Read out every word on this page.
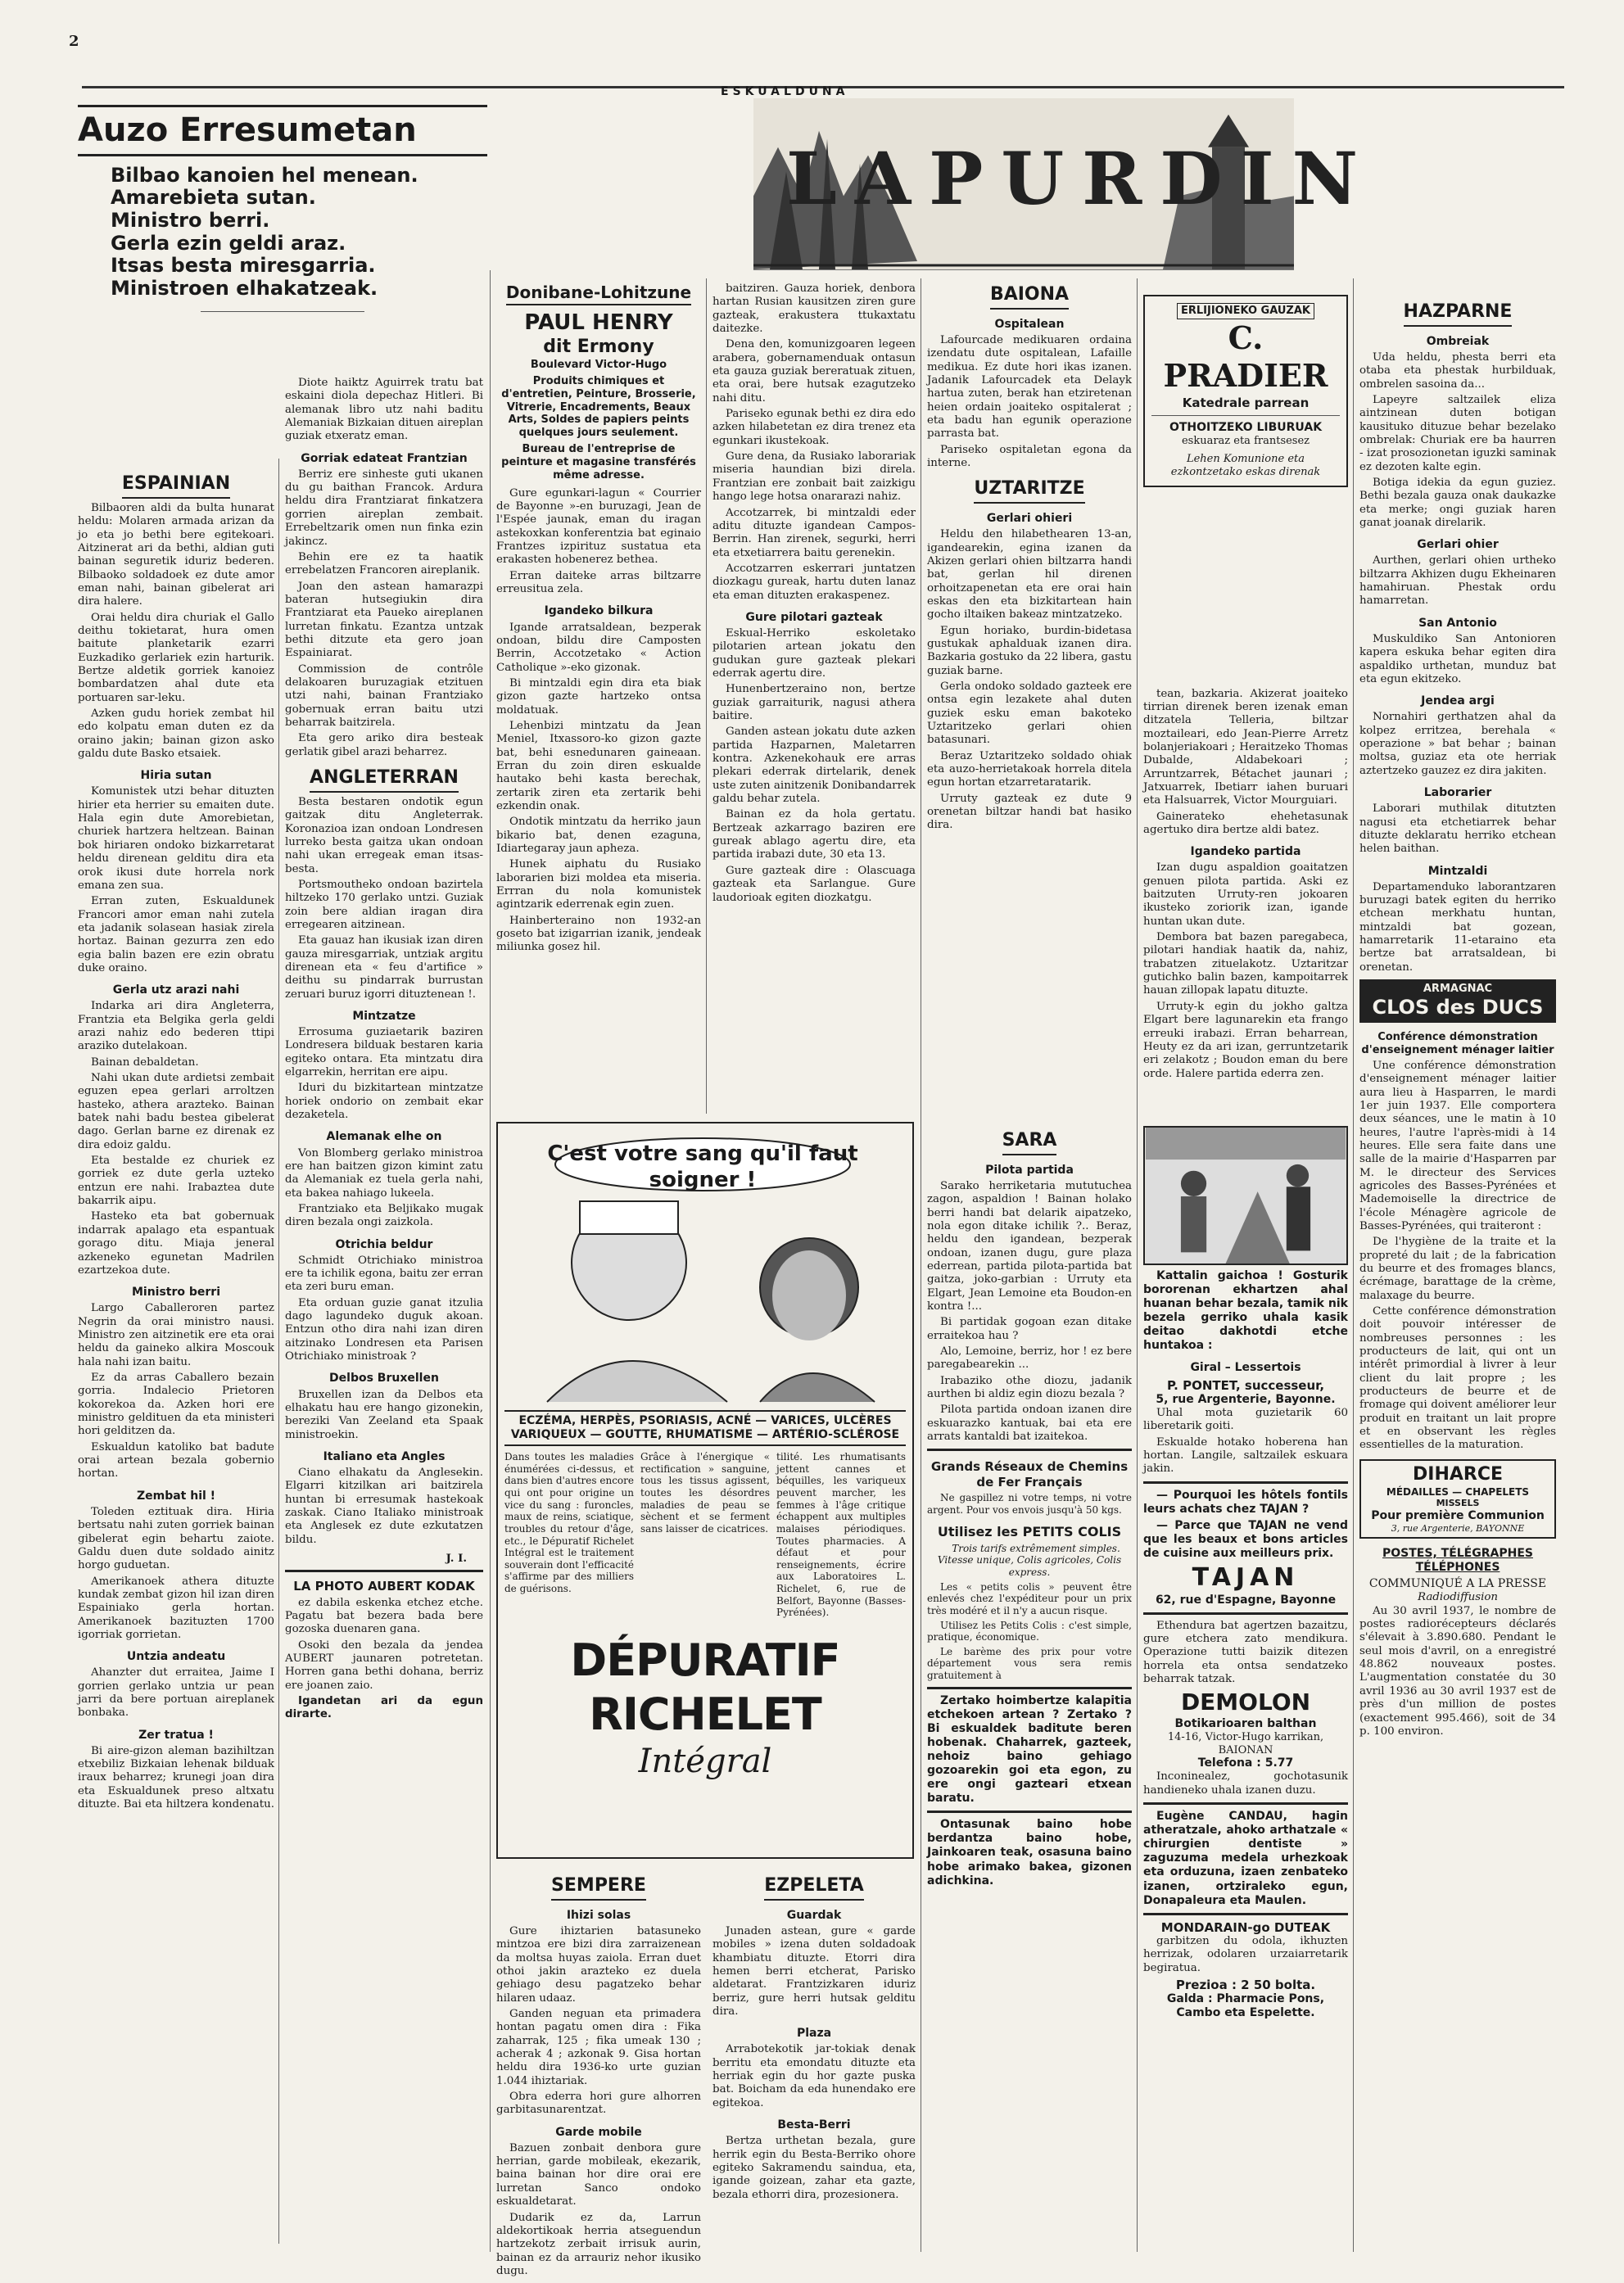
2
ESKUALDUNA
LAPURDIN
Auzo Erresumetan
Bilbao kanoien hel menean.
Amarebieta sutan.
Ministro berri.
Gerla ezin geldi araz.
Itsas besta miresgarria.
Ministroen elhakatzeak.
ESPAINIAN

Bilbaoren aldi da bulta hunarat heldu: Molaren armada arizan da jo eta jo bethi bere egitekoari. Aitzinerat ari da bethi, aldian guti bainan seguretik iduriz bederen. Bilbaoko soldadoek ez dute amor eman nahi, bainan gibelerat ari dira halere.

Orai heldu dira churiak el Gallo deithu tokietarat, hura omen baitute planketarik ezarri Euzkadiko gerlariek ezin harturik. Bertze aldetik gorriek kanoiez bombardatzen ahal dute eta portuaren sar-leku.

Azken gudu horiek zembat hil edo kolpatu eman duten ez da oraino jakin; bainan gizon asko galdu dute Basko etsaiek.

Hiria sutan

Komunistek utzi behar dituzten hirier eta herrier su emaiten dute. Hala egin dute Amorebietan, churiek hartzera heltzean. Bainan bok hiriaren ondoko bizkarretarat heldu direnean gelditu dira eta orok ikusi dute horrela nork emana zen sua.

Erran zuten, Eskualdunek Francori amor eman nahi zutela eta jadanik solasean hasiak zirela hortaz. Bainan gezurra zen edo egia balin bazen ere ezin obratu duke oraino.

Gerla utz arazi nahi

Indarka ari dira Angleterra, Frantzia eta Belgika gerla geldi arazi nahiz edo bederen ttipi araziko dutelakoan.

Bainan debaldetan.

Nahi ukan dute ardietsi zembait eguzen epea gerlari arroltzen hasteko, athera arazteko. Bainan batek nahi badu bestea gibelerat dago. Gerlan barne ez direnak ez dira edoiz galdu.

Eta bestalde ez churiek ez gorriek ez dute gerla uzteko entzun ere nahi. Irabaztea dute bakarrik aipu.

Hasteko eta bat gobernuak indarrak apalago eta espantuak gorago ditu. Miaja jeneral azkeneko egunetan Madrilen ezartzekoa dute.

Ministro berri

Largo Caballeroren partez Negrin da orai ministro nausi. Ministro zen aitzinetik ere eta orai heldu da gaineko alkira Moscouk hala nahi izan baitu.

Ez da arras Caballero bezain gorria. Indalecio Prietoren kokorekoa da. Azken hori ere ministro geldituen da eta ministeri hori gelditzen da.

Eskualdun katoliko bat badute orai artean bezala gobernio hortan.

Zembat hil !

Toleden eztituak dira. Hiria bertsatu nahi zuten gorriek bainan gibelerat egin behartu zaiote. Galdu duen dute soldado ainitz horgo guduetan.

Amerikanoek athera dituzte kundak zembat gizon hil izan diren Espainiako gerla hortan. Amerikanoek bazituzten 1700 igorriak gorrietan.

Untzia andeatu

Ahanzter dut erraitea, Jaime I gorrien gerlako untzia ur pean jarri da bere portuan aireplanek bonbaka.

Zer tratua !

Bi aire-gizon aleman bazihiltzan etxebiliz Bizkaian lehenak bilduak iraux beharrez; krunegi joan dira eta Eskualdunek preso altxatu dituzte. Bai eta hiltzera kondenatu.

Diote haiktz Aguirrek tratu bat eskaini diola depechaz Hitleri. Bi alemanak libro utz nahi baditu Alemaniak Bizkaian dituen aireplan guziak etxeratz eman.

Gorriak edateat Frantzian

Berriz ere sinheste guti ukanen du gu baithan Francok. Ardura heldu dira Frantziarat finkatzera gorrien aireplan zembait. Errebeltzarik omen nun finka ezin jakincz.

Behin ere ez ta haatik errebelatzen Francoren aireplanik.

Joan den astean hamarazpi bateran hutsegiukin dira Frantziarat eta Paueko aireplanen lurretan finkatu. Ezantza untzak bethi ditzute eta gero joan Espainiarat.

Commission de contrôle delakoaren buruzagiak etzituen utzi nahi, bainan Frantziako gobernuak erran baitu utzi beharrak baitzirela.

Eta gero ariko dira besteak gerlatik gibel arazi beharrez.

ANGLETERRAN

Besta bestaren ondotik egun gaitzak ditu Angleterrak. Koronazioa izan ondoan Londresen lurreko besta gaitza ukan ondoan nahi ukan erregeak eman itsas-besta.

Portsmoutheko ondoan bazirtela hiltzeko 170 gerlako untzi. Guziak zoin bere aldian iragan dira erregearen aitzinean.

Eta gauaz han ikusiak izan diren gauza miresgarriak, untziak argitu direnean eta « feu d'artifice » deithu su pindarrak burrustan zeruari buruz igorri dituztenean !.

Mintzatze

Errosuma guziaetarik baziren Londresera bilduak bestaren karia egiteko ontara. Eta mintzatu dira elgarrekin, herritan ere aipu.

Iduri du bizkitartean mintzatze horiek ondorio on zembait ekar dezaketela.

Alemanak elhe on

Von Blomberg gerlako ministroa ere han baitzen gizon kimint zatu da Alemaniak ez tuela gerla nahi, eta bakea nahiago lukeela.

Frantziako eta Beljikako mugak diren bezala ongi zaizkola.

Otrichia beldur

Schmidt Otrichiako ministroa ere ta ichilik egona, baitu zer erran eta zeri buru eman.

Eta orduan guzie ganat itzulia dago lagundeko duguk akoan. Entzun otho dira nahi izan diren aitzinako Londresen eta Parisen Otrichiako ministroak ?

Delbos Bruxellen

Bruxellen izan da Delbos eta elhakatu hau ere hango gizonekin, bereziki Van Zeeland eta Spaak ministroekin.

Italiano eta Angles

Ciano elhakatu da Anglesekin. Elgarri kitzilkan ari baitzirela huntan bi erresumak hastekoak zaskak. Ciano Italiako ministroak eta Anglesek ez dute ezkutatzen bildu.

J. I.
LA PHOTO AUBERT KODAK

ez dabila eskenka etchez etche. Pagatu bat bezera bada bere gozoska duenaren gana.

Osoki den bezala da jendea AUBERT jaunaren potretetan. Horren gana bethi dohana, berriz ere joanen zaio.

Igandetan ari da egun dirarte.

Donibane-Lohitzune
PAUL HENRY
dit Ermony
Boulevard Victor-Hugo
Produits chimiques et d'entretien, Peinture, Brosserie, Vitrerie, Encadrements, Beaux Arts, Soldes de papiers peints quelques jours seulement.
Bureau de l'entreprise de peinture et magasine transférés même adresse.

Gure egunkari-lagun « Courrier de Bayonne »-en buruzagi, Jean de l'Espée jaunak, eman du iragan astekoxkan konferentzia bat eginaio Frantzes izpirituz sustatua eta erakasten hobenerez bethea.

Erran daiteke arras biltzarre erreusitua zela.

Igandeko bilkura

Igande arratsaldean, bezperak ondoan, bildu dire Camposten Berrin, Accotzetako « Action Catholique »-eko gizonak.

Bi mintzaldi egin dira eta biak gizon gazte hartzeko ontsa moldatuak.

Lehenbizi mintzatu da Jean Meniel, Itxassoro-ko gizon gazte bat, behi esnedunaren gaineaan. Erran du zoin diren eskualde hautako behi kasta berechak, zertarik ziren eta zertarik behi ezkendin onak.

Ondotik mintzatu da herriko jaun bikario bat, denen ezaguna, Idiartegaray jaun apheza.

Hunek aiphatu du Rusiako laborarien bizi moldea eta miseria. Errran du nola komunistek agintzarik ederrenak egin zuen.

Hainberteraino non 1932-an goseto bat izigarrian izanik, jendeak miliunka gosez hil.

baitziren. Gauza horiek, denbora hartan Rusian kausitzen ziren gure gazteak, erakustera ttukaxtatu daitezke.

Dena den, komunizgoaren legeen arabera, gobernamenduak ontasun eta gauza guziak bereratuak zituen, eta orai, bere hutsak ezagutzeko nahi ditu.

Pariseko egunak bethi ez dira edo azken hilabetetan ez dira trenez eta egunkari ikustekoak.

Gure dena, da Rusiako laborariak miseria haundian bizi direla. Frantzian ere zonbait bait zaizkigu hango lege hotsa onararazi nahiz.

Accotzarrek, bi mintzaldi eder aditu dituzte igandean Campos-Berrin. Han zirenek, segurki, herri eta etxetiarrera baitu gerenekin.

Accotzarren eskerrari juntatzen diozkagu gureak, hartu duten lanaz eta eman dituzten erakaspenez.

Gure pilotari gazteak

Eskual-Herriko eskoletako pilotarien artean jokatu den gudukan gure gazteak plekari ederrak agertu dire.

Hunenbertzeraino non, bertze guziak garraiturik, nagusi athera baitire.

Ganden astean jokatu dute azken partida Hazparnen, Maletarren kontra. Azkenekohauk ere arras plekari ederrak dirtelarik, denek uste zuten ainitzenik Donibandarrek galdu behar zutela.

Bainan ez da hola gertatu. Bertzeak azkarrago baziren ere gureak ablago agertu dire, eta partida irabazi dute, 30 eta 13.

Gure gazteak dire : Olascuaga gazteak eta Sarlangue. Gure laudorioak egiten diozkatgu.

BAIONA
Ospitalean

Lafourcade medikuaren ordaina izendatu dute ospitalean, Lafaille medikua. Ez dute hori ikas izanen. Jadanik Lafourcadek eta Delayk hartua zuten, berak han etziretenan heien ordain joaiteko ospitalerat ; eta badu han egunik operazione parrasta bat.

Pariseko ospitaletan egona da interne.

UZTARITZE
Gerlari ohieri

Heldu den hilabethearen 13-an, igandearekin, egina izanen da Akizen gerlari ohien biltzarra handi bat, gerlan hil direnen orhoitzapenetan eta ere orai hain eskas den eta bizkitartean hain gocho iltaiken bakeaz mintzatzeko.

Egun horiako, burdin-bidetasa gustukak aphalduak izanen dira. Bazkaria gostuko da 22 libera, gastu guziak barne.

Gerla ondoko soldado gazteek ere ontsa egin lezakete ahal duten guziek esku eman bakoteko Uztaritzeko gerlari ohien batasunari.

Beraz Uztaritzeko soldado ohiak eta auzo-herrietakoak horrela ditela egun hortan etzarretaratarik.

Urruty gazteak ez dute 9 orenetan biltzar handi bat hasiko dira.

ERLIJIONEKO GAUZAK
C. PRADIER
Katedrale parrean
OTHOITZEKO LIBURUAK
eskuaraz eta frantsesez
Lehen Komunione eta ezkontzetako eskas direnak

tean, bazkaria. Akizerat joaiteko tirrian direnek beren izenak eman ditzatela Telleria, biltzar moztaileari, edo Jean-Pierre Arretz bolanjeriakoari ; Heraitzeko Thomas Dubalde, Aldabekoari ; Arruntzarrek, Bétachet jaunari ; Jatxuarrek, Ibetiarr iahen buruari eta Halsuarrek, Victor Mourguiari.

Gainerateko ehehetasunak agertuko dira bertze aldi batez.

Igandeko partida

Izan dugu aspaldion goaitatzen genuen pilota partida. Aski ez baitzuten Urruty-ren jokoaren ikusteko zoriorik izan, igande huntan ukan dute.

Dembora bat bazen paregabeca, pilotari handiak haatik da, nahiz, trabatzen zituelakotz. Uztaritzar gutichko balin bazen, kampoitarrek hauan zillopak lapatu dituzte.

Urruty-k egin du jokho galtza Elgart bere lagunarekin eta frango erreuki irabazi. Erran beharrean, Heuty ez da ari izan, gerruntzetarik eri zelakotz ; Boudon eman du bere orde. Halere partida ederra zen.

HAZPARNE
Ombreiak

Uda heldu, phesta berri eta otaba eta phestak hurbilduak, ombrelen sasoina da...

Lapeyre saltzailek eliza aintzinean duten botigan kausituko dituzue behar bezelako ombrelak: Churiak ere ba haurren - izat prosozionetan iguzki saminak ez dezoten kalte egin.

Botiga idekia da egun guziez. Bethi bezala gauza onak daukazke eta merke; ongi guziak haren ganat joanak direlarik.

Gerlari ohier

Aurthen, gerlari ohien urtheko biltzarra Akhizen dugu Ekheinaren hamahiruan. Phestak ordu hamarretan.

San Antonio

Muskuldiko San Antonioren kapera eskuka behar egiten dira aspaldiko urthetan, munduz bat eta egun ekitzeko.

Jendea argi

Nornahiri gerthatzen ahal da kolpez erritzea, berehala « operazione » bat behar ; bainan moltsa, guziaz eta ote herriak aztertzeko gauzez ez dira jakiten.

Laborarier

Laborari muthilak ditutzten nagusi eta etchetiarrek behar dituzte deklaratu herriko etchean helen baithan.

Mintzaldi

Departamenduko laborantzaren buruzagi batek egiten du herriko etchean merkhatu huntan, mintzaldi bat gozean, hamarretarik 11-etaraino eta bertze bat arratsaldean, bi orenetan.

ARMAGNAC
CLOS des DUCS
Conférence démonstration d'enseignement ménager laitier

Une conférence démonstration d'enseignement ménager laitier aura lieu à Hasparren, le mardi 1er juin 1937. Elle comportera deux séances, une le matin à 10 heures, l'autre l'après-midi à 14 heures. Elle sera faite dans une salle de la mairie d'Hasparren par M. le directeur des Services agricoles des Basses-Pyrénées et Mademoiselle la directrice de l'école Ménagère agricole de Basses-Pyrénées, qui traiteront :

De l'hygiène de la traite et la propreté du lait ; de la fabrication du beurre et des fromages blancs, écrémage, barattage de la crème, malaxage du beurre.

Cette conférence démonstration doit pouvoir intéresser de nombreuses personnes : les producteurs de lait, qui ont un intérêt primordial à livrer à leur client du lait propre ; les producteurs de beurre et de fromage qui doivent améliorer leur produit en traitant un lait propre et en observant les règles essentielles de la maturation.

DIHARCE
MÉDAILLES — CHAPELETS
MISSELS
Pour première Communion
3, rue Argenterie, BAYONNE
POSTES, TÉLÉGRAPHES TÉLÉPHONES
COMMUNIQUÉ A LA PRESSE
Radiodiffusion

Au 30 avril 1937, le nombre de postes radiorécepteurs déclarés s'élevait à 3.890.680. Pendant le seul mois d'avril, on a enregistré 48.862 nouveaux postes. L'augmentation constatée du 30 avril 1936 au 30 avril 1937 est de près d'un million de postes (exactement 995.466), soit de 34 p. 100 environ.

C'est votre sang qu'il faut soigner !
ECZÉMA, HERPÈS, PSORIASIS, ACNÉ — VARICES, ULCÈRES VARIQUEUX — GOUTTE, RHUMATISME — ARTÉRIO-SCLÉROSE
Dans toutes les maladies énumérées ci-dessus, et dans bien d'autres encore qui ont pour origine un vice du sang : furoncles, maux de reins, sciatique, troubles du retour d'âge, etc., le Dépuratif Richelet Intégral est le traitement souverain dont l'efficacité s'affirme par des milliers de guérisons.
Grâce à l'énergique « rectification » sanguine, tous les tissus agissent, toutes les désordres maladies de peau se sèchent et se ferment sans laisser de cicatrices.
tilité. Les rhumatisants jettent cannes et béquilles, les variqueux peuvent marcher, les femmes à l'âge critique échappent aux multiples malaises périodiques. Toutes pharmacies. A défaut et pour renseignements, écrire aux Laboratoires L. Richelet, 6, rue de Belfort, Bayonne (Basses-Pyrénées).
DÉPURATIF RICHELET
Intégral
SEMPERE
Ihizi solas

Gure ihiztarien batasuneko mintzoa ere bizi dira zarraizenean da moltsa huyas zaiola. Erran duet othoi jakin arazteko ez duela gehiago desu pagatzeko behar hilaren udaaz.

Ganden neguan eta primadera hontan pagatu omen dira : Fika zaharrak, 125 ; fika umeak 130 ; acherak 4 ; azkonak 9. Gisa hortan heldu dira 1936-ko urte guzian 1.044 ihiztariak.

Obra ederra hori gure alhorren garbitasunarentzat.

Garde mobile

Bazuen zonbait denbora gure herrian, garde mobileak, ekezarik, baina bainan hor dire orai ere lurretan Sanco ondoko eskualdetarat.

Dudarik ez da, Larrun aldekortikoak herria atseguendun hartzekotz zerbait irrisuk aurin, bainan ez da arrauriz nehor ikusiko dugu.

EZPELETA
Guardak

Junaden astean, gure « garde mobiles » izena duten soldadoak khambiatu dituzte. Etorri dira hemen berri etcherat, Parisko aldetarat. Frantzizkaren iduriz berriz, gure herri hutsak gelditu dira.

Plaza

Arrabotekotik jar-tokiak denak berritu eta emondatu dituzte eta herriak egin du hor gazte puska bat. Boicham da eda hunendako ere egitekoa.

Besta-Berri

Bertza urthetan bezala, gure herrik egin du Besta-Berriko ohore egiteko Sakramendu saindua, eta, igande goizean, zahar eta gazte, bezala ethorri dira, prozesionera.

SARA
Pilota partida

Sarako herriketaria mututuchea zagon, aspaldion ! Bainan holako berri handi bat delarik aipatzeko, nola egon ditake ichilik ?.. Beraz, heldu den igandean, bezperak ondoan, izanen dugu, gure plaza ederrean, partida pilota-partida bat gaitza, joko-garbian : Urruty eta Elgart, Jean Lemoine eta Boudon-en kontra !...

Bi partidak gogoan ezan ditake erraitekoa hau ?

Alo, Lemoine, berriz, hor ! ez bere paregabearekin ...

Irabaziko othe diozu, jadanik aurthen bi aldiz egin diozu bezala ?

Pilota partida ondoan izanen dire eskuarazko kantuak, bai eta ere arrats kantaldi bat izaitekoa.

Grands Réseaux de Chemins de Fer Français

Ne gaspillez ni votre temps, ni votre argent. Pour vos envois jusqu'à 50 kgs.

Utilisez les PETITS COLIS

Trois tarifs extrêmement simples. Vitesse unique, Colis agricoles, Colis express.

Les « petits colis » peuvent être enlevés chez l'expéditeur pour un prix très modéré et il n'y a aucun risque.

Utilisez les Petits Colis : c'est simple, pratique, économique.

Le barème des prix pour votre département vous sera remis gratuitement à

Zertako hoimbertze kalapitia etchekoen artean ? Zertako ? Bi eskualdek baditute beren hobenak. Chaharrek, gazteek, nehoiz baino gehiago gozoarekin goi eta egon, zu ere ongi gazteari etxean baratu.

Ontasunak baino hobe berdantza baino hobe, Jainkoaren teak, osasuna baino hobe arimako bakea, gizonen adichkina.

Kattalin gaichoa ! Gosturik bororenan ekhartzen ahal huanan behar bezala, tamik nik bezela gerriko uhala kasik deitao dakhotdi etche huntakoa :

Giral – Lessertois
P. PONTET, successeur,
5, rue Argenterie, Bayonne.

Uhal mota guzietarik 60 liberetarik goiti.

Eskualde hotako hoberena han hortan. Langile, saltzailek eskuara jakin.

— Pourquoi les hôtels fontils leurs achats chez TAJAN ?

— Parce que TAJAN ne vend que les beaux et bons articles de cuisine aux meilleurs prix.

TAJAN
62, rue d'Espagne, Bayonne

Ethendura bat agertzen bazaitzu, gure etchera zato mendikura. Operazione tutti baizik ditezen horrela eta ontsa sendatzeko beharrak tatzak.

DEMOLON
Botikarioaren balthan
14-16, Victor-Hugo karrikan, BAIONAN
Telefona : 5.77

Inconinealez, gochotasunik handieneko uhala izanen duzu.

Eugène CANDAU, hagin atheratzale, ahoko arthatzale « chirurgien dentiste » zaguzuma medela urhezkoak eta orduzuna, izaen zenbateko izanen, ortziraleko egun, Donapaleura eta Maulen.

MONDARAIN-go DUTEAK

garbitzen du odola, ikhuzten herrizak, odolaren urzaiarretarik begiratua.

Prezioa : 2 50 bolta.
Galda : Pharmacie Pons,
Cambo eta Espelette.
